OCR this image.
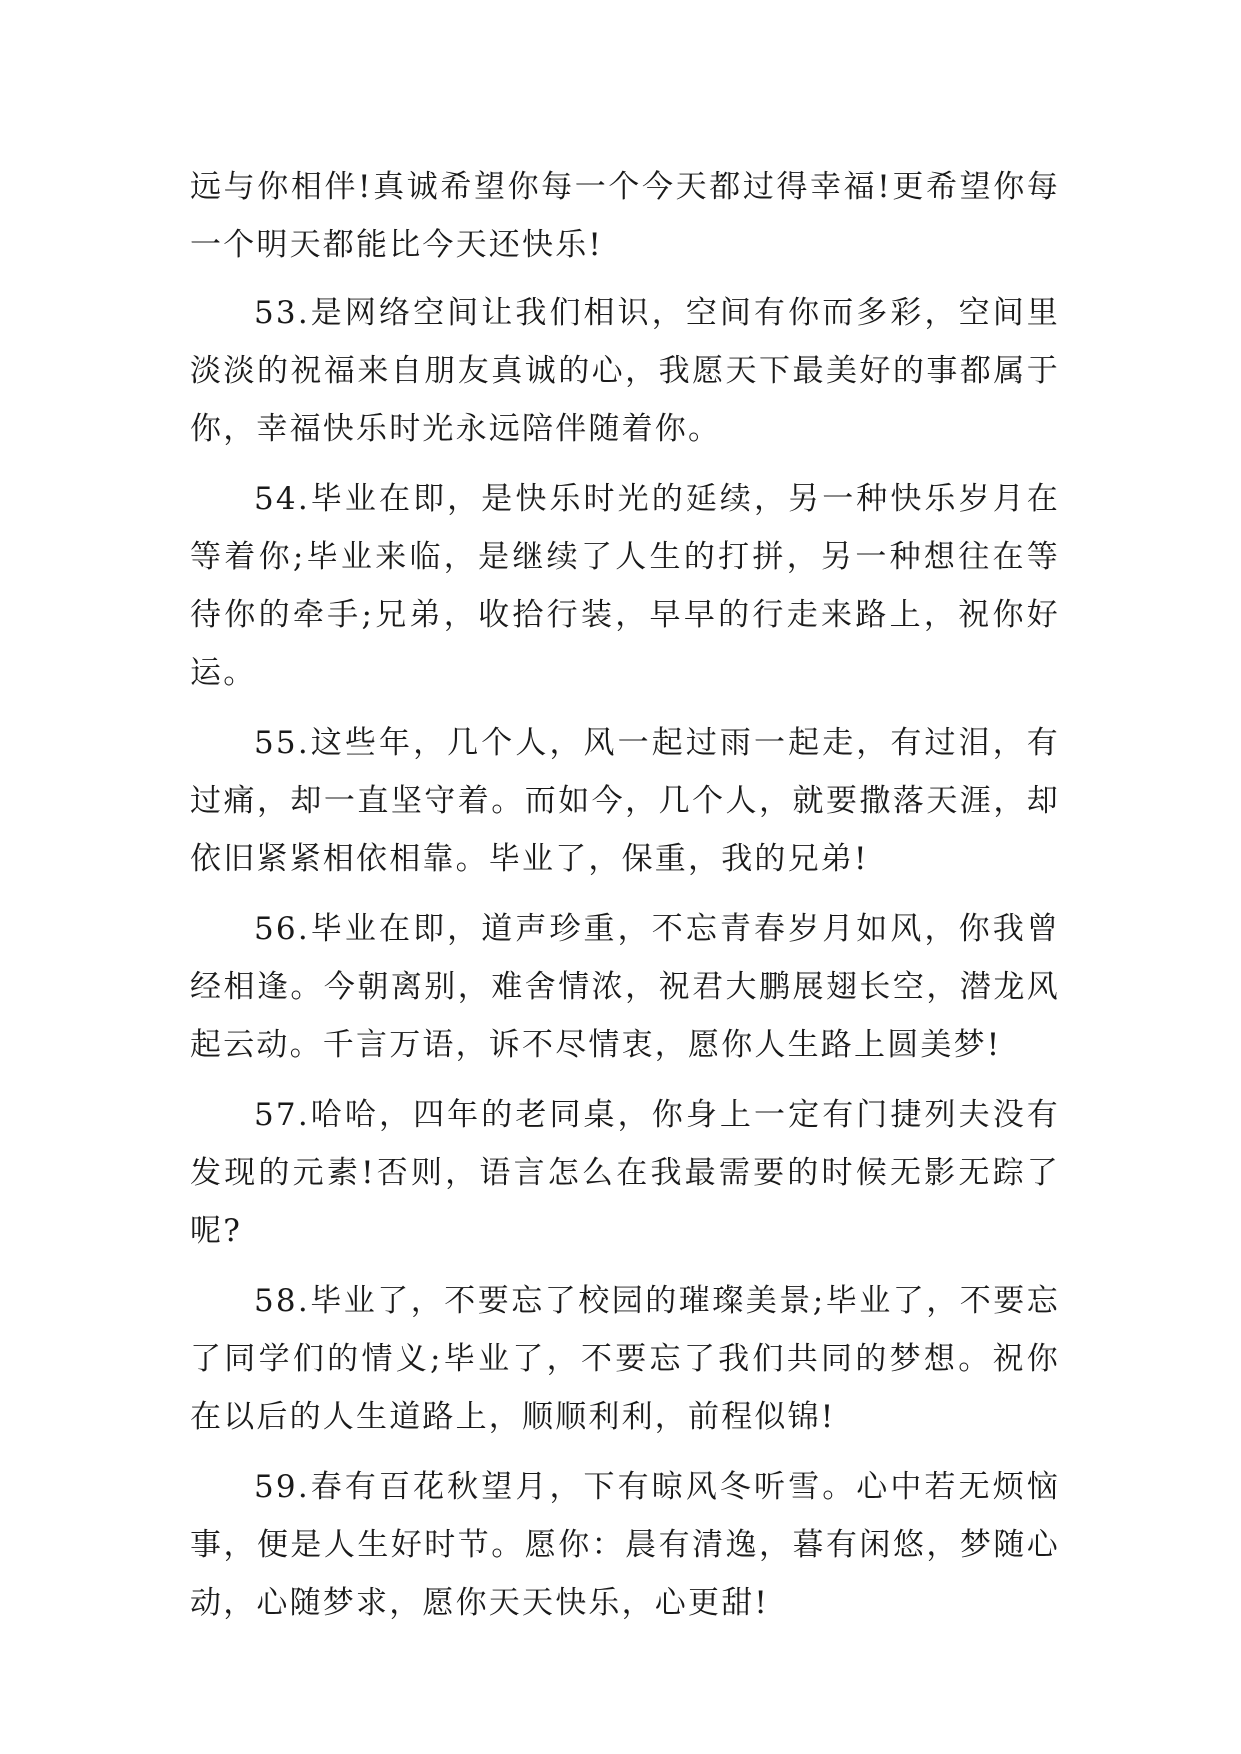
远与你相伴!真诚希望你每一个今天都过得幸福!更希望你每一个明天都能比今天还快乐!

53.是网络空间让我们相识，空间有你而多彩，空间里淡淡的祝福来自朋友真诚的心，我愿天下最美好的事都属于你，幸福快乐时光永远陪伴随着你。

54.毕业在即，是快乐时光的延续，另一种快乐岁月在等着你;毕业来临，是继续了人生的打拼，另一种想往在等待你的牵手;兄弟，收拾行装，早早的行走来路上，祝你好运。

55.这些年，几个人，风一起过雨一起走，有过泪，有过痛，却一直坚守着。而如今，几个人，就要撒落天涯，却依旧紧紧相依相靠。毕业了，保重，我的兄弟!

56.毕业在即，道声珍重，不忘青春岁月如风，你我曾经相逢。今朝离别，难舍情浓，祝君大鹏展翅长空，潜龙风起云动。千言万语，诉不尽情衷，愿你人生路上圆美梦!

57.哈哈，四年的老同桌，你身上一定有门捷列夫没有发现的元素!否则，语言怎么在我最需要的时候无影无踪了呢?

58.毕业了，不要忘了校园的璀璨美景;毕业了，不要忘了同学们的情义;毕业了，不要忘了我们共同的梦想。祝你在以后的人生道路上，顺顺利利，前程似锦!

59.春有百花秋望月，下有晾风冬听雪。心中若无烦恼事，便是人生好时节。愿你：晨有清逸，暮有闲悠，梦随心动，心随梦求，愿你天天快乐，心更甜!
